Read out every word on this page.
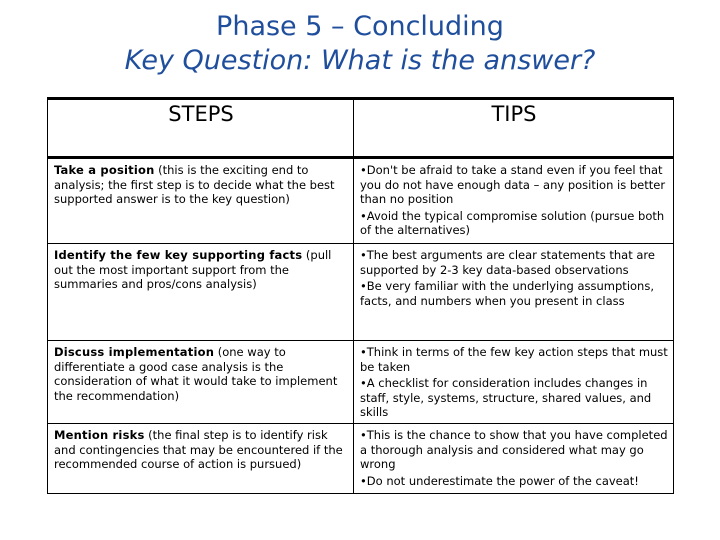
Phase 5 – Concluding
Key Question: What is the answer?
STEPS	TIPS
Take a position (this is the exciting end to analysis; the first step is to decide what the best supported answer is to the key question)	•Don't be afraid to take a stand even if you feel that you do not have enough data – any position is better than no position
•Avoid the typical compromise solution (pursue both of the alternatives)

Identify the few key supporting facts (pull out the most important support from the summaries and pros/cons analysis)	•The best arguments are clear statements that are supported by 2-3 key data-based observations
•Be very familiar with the underlying assumptions, facts, and numbers when you present in class

Discuss implementation (one way to differentiate a good case analysis is the consideration of what it would take to implement the recommendation)	•Think in terms of the few key action steps that must be taken
•A checklist for consideration includes changes in staff, style, systems, structure, shared values, and skills

Mention risks (the final step is to identify risk and contingencies that may be encountered if the recommended course of action is pursued)	•This is the chance to show that you have completed a thorough analysis and considered what may go wrong
•Do not underestimate the power of the caveat!
